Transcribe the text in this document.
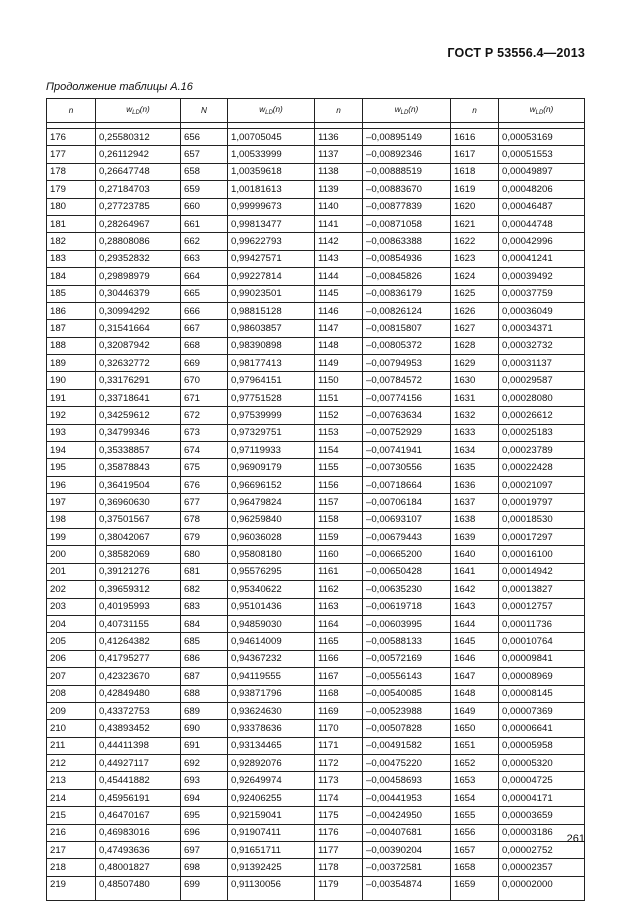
ГОСТ Р 53556.4—2013
Продолжение таблицы А.16
n	$w_{LD}(n)$	N	$w_{LD}(n)$	n	$w_{LD}(n)$	n	$w_{LD}(n)$

176	0,25580312	656	1,00705045	1136	–0,00895149	1616	0,00053169
177	0,26112942	657	1,00533999	1137	–0,00892346	1617	0,00051553
178	0,26647748	658	1,00359618	1138	–0,00888519	1618	0,00049897
179	0,27184703	659	1,00181613	1139	–0,00883670	1619	0,00048206
180	0,27723785	660	0,99999673	1140	–0,00877839	1620	0,00046487
181	0,28264967	661	0,99813477	1141	–0,00871058	1621	0,00044748
182	0,28808086	662	0,99622793	1142	–0,00863388	1622	0,00042996
183	0,29352832	663	0,99427571	1143	–0,00854936	1623	0,00041241
184	0,29898979	664	0,99227814	1144	–0,00845826	1624	0,00039492
185	0,30446379	665	0,99023501	1145	–0,00836179	1625	0,00037759
186	0,30994292	666	0,98815128	1146	–0,00826124	1626	0,00036049
187	0,31541664	667	0,98603857	1147	–0,00815807	1627	0,00034371
188	0,32087942	668	0,98390898	1148	–0,00805372	1628	0,00032732
189	0,32632772	669	0,98177413	1149	–0,00794953	1629	0,00031137
190	0,33176291	670	0,97964151	1150	–0,00784572	1630	0,00029587
191	0,33718641	671	0,97751528	1151	–0,00774156	1631	0,00028080
192	0,34259612	672	0,97539999	1152	–0,00763634	1632	0,00026612
193	0,34799346	673	0,97329751	1153	–0,00752929	1633	0,00025183
194	0,35338857	674	0,97119933	1154	–0,00741941	1634	0,00023789
195	0,35878843	675	0,96909179	1155	–0,00730556	1635	0,00022428
196	0,36419504	676	0,96696152	1156	–0,00718664	1636	0,00021097
197	0,36960630	677	0,96479824	1157	–0,00706184	1637	0,00019797
198	0,37501567	678	0,96259840	1158	–0,00693107	1638	0,00018530
199	0,38042067	679	0,96036028	1159	–0,00679443	1639	0,00017297
200	0,38582069	680	0,95808180	1160	–0,00665200	1640	0,00016100
201	0,39121276	681	0,95576295	1161	–0,00650428	1641	0,00014942
202	0,39659312	682	0,95340622	1162	–0,00635230	1642	0,00013827
203	0,40195993	683	0,95101436	1163	–0,00619718	1643	0,00012757
204	0,40731155	684	0,94859030	1164	–0,00603995	1644	0,00011736
205	0,41264382	685	0,94614009	1165	–0,00588133	1645	0,00010764
206	0,41795277	686	0,94367232	1166	–0,00572169	1646	0,00009841
207	0,42323670	687	0,94119555	1167	–0,00556143	1647	0,00008969
208	0,42849480	688	0,93871796	1168	–0,00540085	1648	0,00008145
209	0,43372753	689	0,93624630	1169	–0,00523988	1649	0,00007369
210	0,43893452	690	0,93378636	1170	–0,00507828	1650	0,00006641
211	0,44411398	691	0,93134465	1171	–0,00491582	1651	0,00005958
212	0,44927117	692	0,92892076	1172	–0,00475220	1652	0,00005320
213	0,45441882	693	0,92649974	1173	–0,00458693	1653	0,00004725
214	0,45956191	694	0,92406255	1174	–0,00441953	1654	0,00004171
215	0,46470167	695	0,92159041	1175	–0,00424950	1655	0,00003659
216	0,46983016	696	0,91907411	1176	–0,00407681	1656	0,00003186
217	0,47493636	697	0,91651711	1177	–0,00390204	1657	0,00002752
218	0,48001827	698	0,91392425	1178	–0,00372581	1658	0,00002357
219	0,48507480	699	0,91130056	1179	–0,00354874	1659	0,00002000
261
